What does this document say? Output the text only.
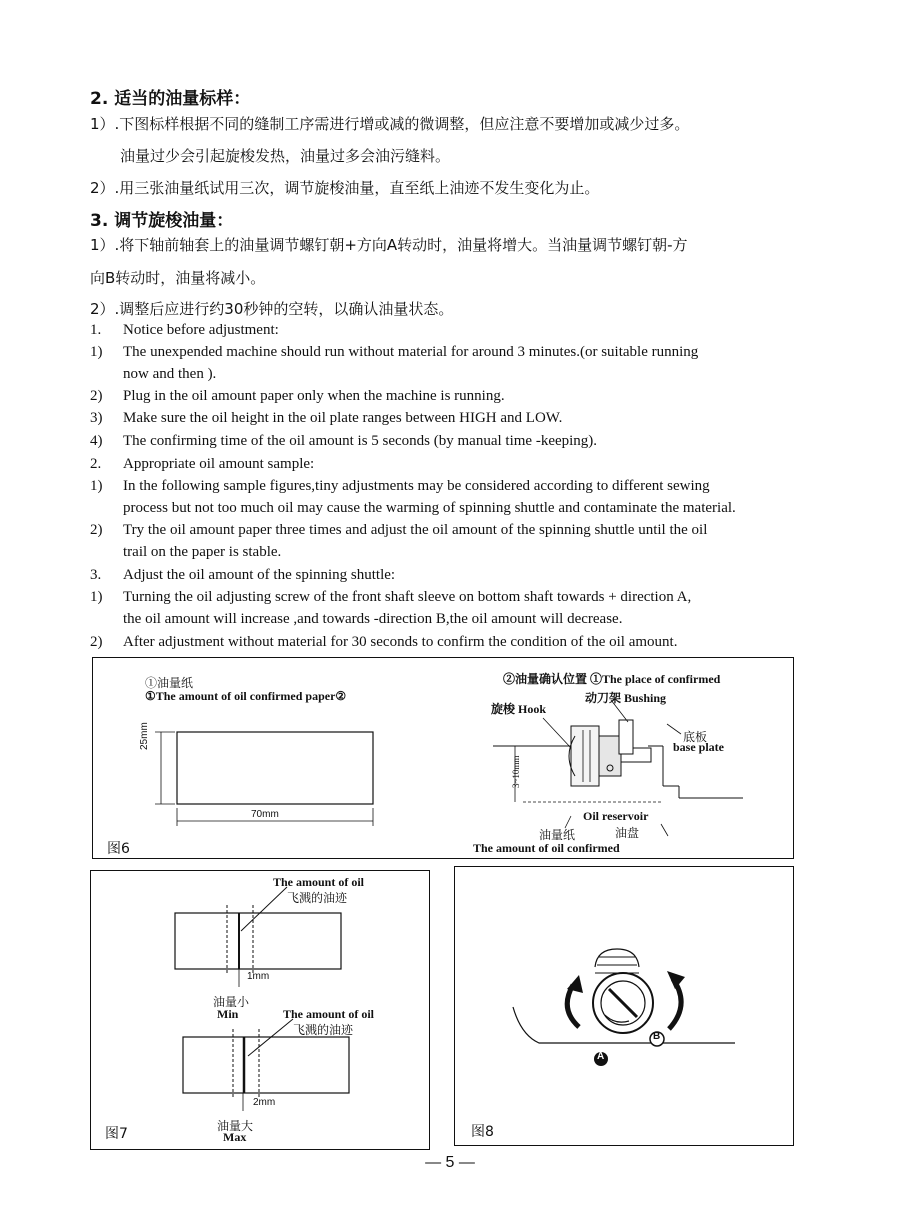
2. 适当的油量标样：
1）.下图标样根据不同的缝制工序需进行增或减的微调整，但应注意不要增加或减少过多。
油量过少会引起旋梭发热，油量过多会油污缝料。
2）.用三张油量纸试用三次，调节旋梭油量，直至纸上油迹不发生变化为止。
3. 调节旋梭油量：
1）.将下轴前轴套上的油量调节螺钉朝+方向A转动时，油量将增大。当油量调节螺钉朝-方
向B转动时，油量将减小。
2）.调整后应进行约30秒钟的空转，以确认油量状态。
1.	Notice before adjustment:
1)	The unexpended machine should run without material for around 3 minutes.(or suitable running
now and then ).
2)	Plug in the oil amount paper only when the machine is running.
3)	Make sure the oil height in the oil plate ranges between HIGH and LOW.
4)	The confirming time of the oil amount is 5 seconds (by manual time -keeping).
2.	Appropriate oil amount sample:
1)	In the following sample figures,tiny adjustments may be considered according to different sewing
process but not too much oil may cause the warming of spinning shuttle and contaminate the material.
2)	Try the oil amount paper three times and adjust the oil amount of the spinning shuttle until the oil
trail on the paper is stable.
3.	Adjust the oil amount of the spinning shuttle:
1)	Turning the oil adjusting screw of the front shaft sleeve on bottom shaft towards + direction A,
the oil amount will increase ,and towards -direction B,the oil amount will decrease.
2)	After adjustment without material for 30 seconds to confirm the condition of the oil amount.
①油量纸
①The amount of oil confirmed paper②
25mm
70mm
图6
②油量确认位置 ①The place of confirmed
动刀架 Bushing
旋梭 Hook
底板
base plate
3~10mm
Oil reservoir
油量纸	油盘
The amount of oil confirmed
The amount of oil
飞溅的油迹
1mm
油量小
Min	The amount of oil
飞溅的油迹
2mm
油量大
Max
图7
A
B
图8
— 5 —
